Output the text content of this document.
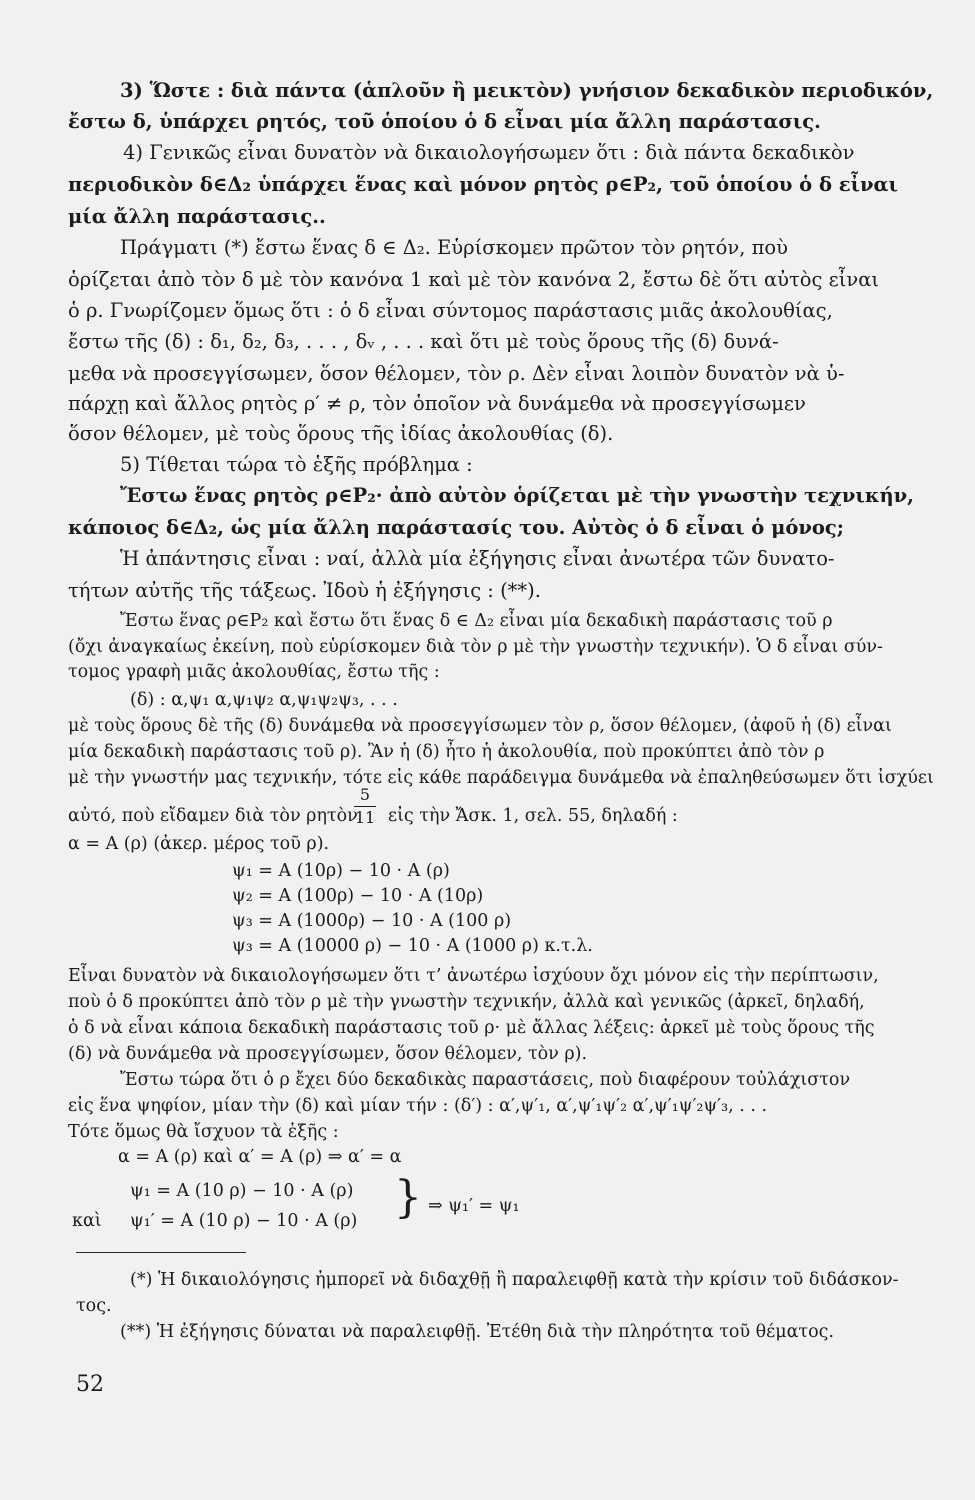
3) Ὥστε : διὰ πάντα (ἁπλοῦν ἢ μεικτὸν) γνήσιον δεκαδικὸν περιοδικόν,
ἔστω δ, ὑπάρχει ρητός, τοῦ ὁποίου ὁ δ εἶναι μία ἄλλη παράστασις.
4) Γενικῶς εἶναι δυνατὸν νὰ δικαιολογήσωμεν ὅτι : διὰ πάντα δεκαδικὸν
περιοδικὸν δ∈Δ₂ ὑπάρχει ἕνας καὶ μόνον ρητὸς ρ∈P₂, τοῦ ὁποίου ὁ δ εἶναι
μία ἄλλη παράστασις..
Πράγματι (*) ἔστω ἕνας δ ∈ Δ₂. Εὑρίσκομεν πρῶτον τὸν ρητόν, ποὺ
ὁρίζεται ἀπὸ τὸν δ μὲ τὸν κανόνα 1 καὶ μὲ τὸν κανόνα 2, ἔστω δὲ ὅτι αὐτὸς εἶναι
ὁ ρ. Γνωρίζομεν ὅμως ὅτι : ὁ δ εἶναι σύντομος παράστασις μιᾶς ἀκολουθίας,
ἔστω τῆς (δ) : δ₁, δ₂, δ₃, . . . , δᵥ , . . . καὶ ὅτι μὲ τοὺς ὅρους τῆς (δ) δυνά-
μεθα νὰ προσεγγίσωμεν, ὅσον θέλομεν, τὸν ρ. Δὲν εἶναι λοιπὸν δυνατὸν νὰ ὑ-
πάρχῃ καὶ ἄλλος ρητὸς ρ′ ≠ ρ, τὸν ὁποῖον νὰ δυνάμεθα νὰ προσεγγίσωμεν
ὅσον θέλομεν, μὲ τοὺς ὅρους τῆς ἰδίας ἀκολουθίας (δ).
5) Τίθεται τώρα τὸ ἑξῆς πρόβλημα :
Ἔστω ἕνας ρητὸς ρ∈P₂· ἀπὸ αὐτὸν ὁρίζεται μὲ τὴν γνωστὴν τεχνικήν,
κάποιος δ∈Δ₂, ὡς μία ἄλλη παράστασίς του. Αὐτὸς ὁ δ εἶναι ὁ μόνος;
Ἡ ἀπάντησις εἶναι : ναί, ἀλλὰ μία ἐξήγησις εἶναι ἀνωτέρα τῶν δυνατο-
τήτων αὐτῆς τῆς τάξεως. Ἰδοὺ ἡ ἐξήγησις : (**).
Ἔστω ἕνας ρ∈P₂ καὶ ἔστω ὅτι ἕνας δ ∈ Δ₂ εἶναι μία δεκαδικὴ παράστασις τοῦ ρ
(ὄχι ἀναγκαίως ἐκείνη, ποὺ εὑρίσκομεν διὰ τὸν ρ μὲ τὴν γνωστὴν τεχνικήν). Ὁ δ εἶναι σύν-
τομος γραφὴ μιᾶς ἀκολουθίας, ἔστω τῆς :
(δ) : α,ψ₁ α,ψ₁ψ₂ α,ψ₁ψ₂ψ₃, . . .
μὲ τοὺς ὅρους δὲ τῆς (δ) δυνάμεθα νὰ προσεγγίσωμεν τὸν ρ, ὅσον θέλομεν, (ἀφοῦ ἡ (δ) εἶναι
μία δεκαδικὴ παράστασις τοῦ ρ). Ἂν ἡ (δ) ἦτο ἡ ἀκολουθία, ποὺ προκύπτει ἀπὸ τὸν ρ
μὲ τὴν γνωστήν μας τεχνικήν, τότε εἰς κάθε παράδειγμα δυνάμεθα νὰ ἐπαληθεύσωμεν ὅτι ἰσχύει
αὐτό, ποὺ εἴδαμεν διὰ τὸν ρητὸν
5
11 εἰς τὴν Ἄσκ. 1, σελ. 55, δηλαδή :
α = A (ρ) (ἀκερ. μέρος τοῦ ρ).
ψ₁ = A (10ρ) − 10 · A (ρ)
ψ₂ = A (100ρ) − 10 · A (10ρ)
ψ₃ = A (1000ρ) − 10 · A (100 ρ)
ψ₃ = A (10000 ρ) − 10 · A (1000 ρ) κ.τ.λ.
Εἶναι δυνατὸν νὰ δικαιολογήσωμεν ὅτι τ’ ἀνωτέρω ἰσχύουν ὄχι μόνον εἰς τὴν περίπτωσιν,
ποὺ ὁ δ προκύπτει ἀπὸ τὸν ρ μὲ τὴν γνωστὴν τεχνικήν, ἀλλὰ καὶ γενικῶς (ἀρκεῖ, δηλαδή,
ὁ δ νὰ εἶναι κάποια δεκαδικὴ παράστασις τοῦ ρ· μὲ ἄλλας λέξεις: ἀρκεῖ μὲ τοὺς ὅρους τῆς
(δ) νὰ δυνάμεθα νὰ προσεγγίσωμεν, ὅσον θέλομεν, τὸν ρ).
Ἔστω τώρα ὅτι ὁ ρ ἔχει δύο δεκαδικὰς παραστάσεις, ποὺ διαφέρουν τοὐλάχιστον
εἰς ἕνα ψηφίον, μίαν τὴν (δ) καὶ μίαν τήν : (δ′) : α′,ψ′₁, α′,ψ′₁ψ′₂ α′,ψ′₁ψ′₂ψ′₃, . . .
Τότε ὅμως θὰ ἴσχυον τὰ ἑξῆς :
α = A (ρ) καὶ α′ = A (ρ) ⇒ α′ = α
ψ₁ = A (10 ρ) − 10 · A (ρ)
καὶ ψ₁′ = A (10 ρ) − 10 · A (ρ) } ⇒ ψ₁′ = ψ₁
(*) Ἡ δικαιολόγησις ἠμπορεῖ νὰ διδαχθῇ ἢ παραλειφθῇ κατὰ τὴν κρίσιν τοῦ διδάσκον-
τος.
(**) Ἡ ἐξήγησις δύναται νὰ παραλειφθῇ. Ἐτέθη διὰ τὴν πληρότητα τοῦ θέματος.
52
